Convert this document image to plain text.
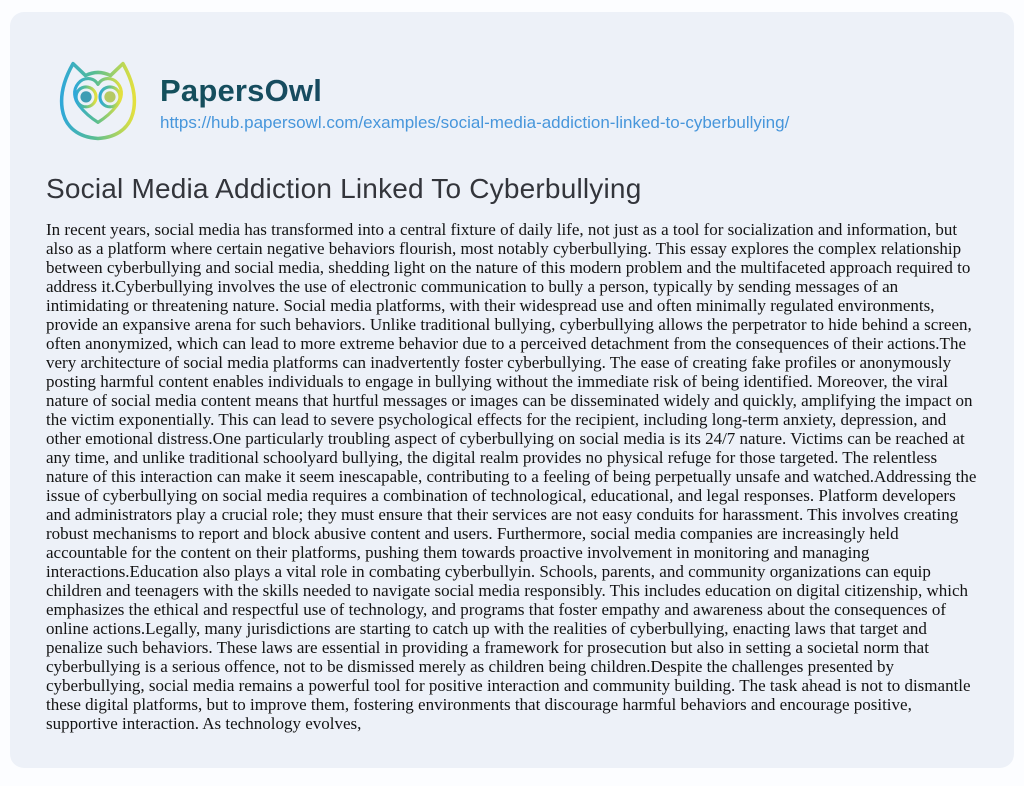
PapersOwl
https://hub.papersowl.com/examples/social-media-addiction-linked-to-cyberbullying/
Social Media Addiction Linked To Cyberbullying
In recent years, social media has transformed into a central fixture of daily life, not just as a tool for socialization and information, but also as a platform where certain negative behaviors flourish, most notably cyberbullying. This essay explores the complex relationship between cyberbullying and social media, shedding light on the nature of this modern problem and the multifaceted approach required to address it.Cyberbullying involves the use of electronic communication to bully a person, typically by sending messages of an intimidating or threatening nature. Social media platforms, with their widespread use and often minimally regulated environments, provide an expansive arena for such behaviors. Unlike traditional bullying, cyberbullying allows the perpetrator to hide behind a screen, often anonymized, which can lead to more extreme behavior due to a perceived detachment from the consequences of their actions.The very architecture of social media platforms can inadvertently foster cyberbullying. The ease of creating fake profiles or anonymously posting harmful content enables individuals to engage in bullying without the immediate risk of being identified. Moreover, the viral nature of social media content means that hurtful messages or images can be disseminated widely and quickly, amplifying the impact on the victim exponentially. This can lead to severe psychological effects for the recipient, including long-term anxiety, depression, and other emotional distress.One particularly troubling aspect of cyberbullying on social media is its 24/7 nature. Victims can be reached at any time, and unlike traditional schoolyard bullying, the digital realm provides no physical refuge for those targeted. The relentless nature of this interaction can make it seem inescapable, contributing to a feeling of being perpetually unsafe and watched.Addressing the issue of cyberbullying on social media requires a combination of technological, educational, and legal responses. Platform developers and administrators play a crucial role; they must ensure that their services are not easy conduits for harassment. This involves creating robust mechanisms to report and block abusive content and users. Furthermore, social media companies are increasingly held accountable for the content on their platforms, pushing them towards proactive involvement in monitoring and managing interactions.Education also plays a vital role in combating cyberbullyin. Schools, parents, and community organizations can equip children and teenagers with the skills needed to navigate social media responsibly. This includes education on digital citizenship, which emphasizes the ethical and respectful use of technology, and programs that foster empathy and awareness about the consequences of online actions.Legally, many jurisdictions are starting to catch up with the realities of cyberbullying, enacting laws that target and penalize such behaviors. These laws are essential in providing a framework for prosecution but also in setting a societal norm that cyberbullying is a serious offence, not to be dismissed merely as children being children.Despite the challenges presented by cyberbullying, social media remains a powerful tool for positive interaction and community building. The task ahead is not to dismantle these digital platforms, but to improve them, fostering environments that discourage harmful behaviors and encourage positive, supportive interaction. As technology evolves,
